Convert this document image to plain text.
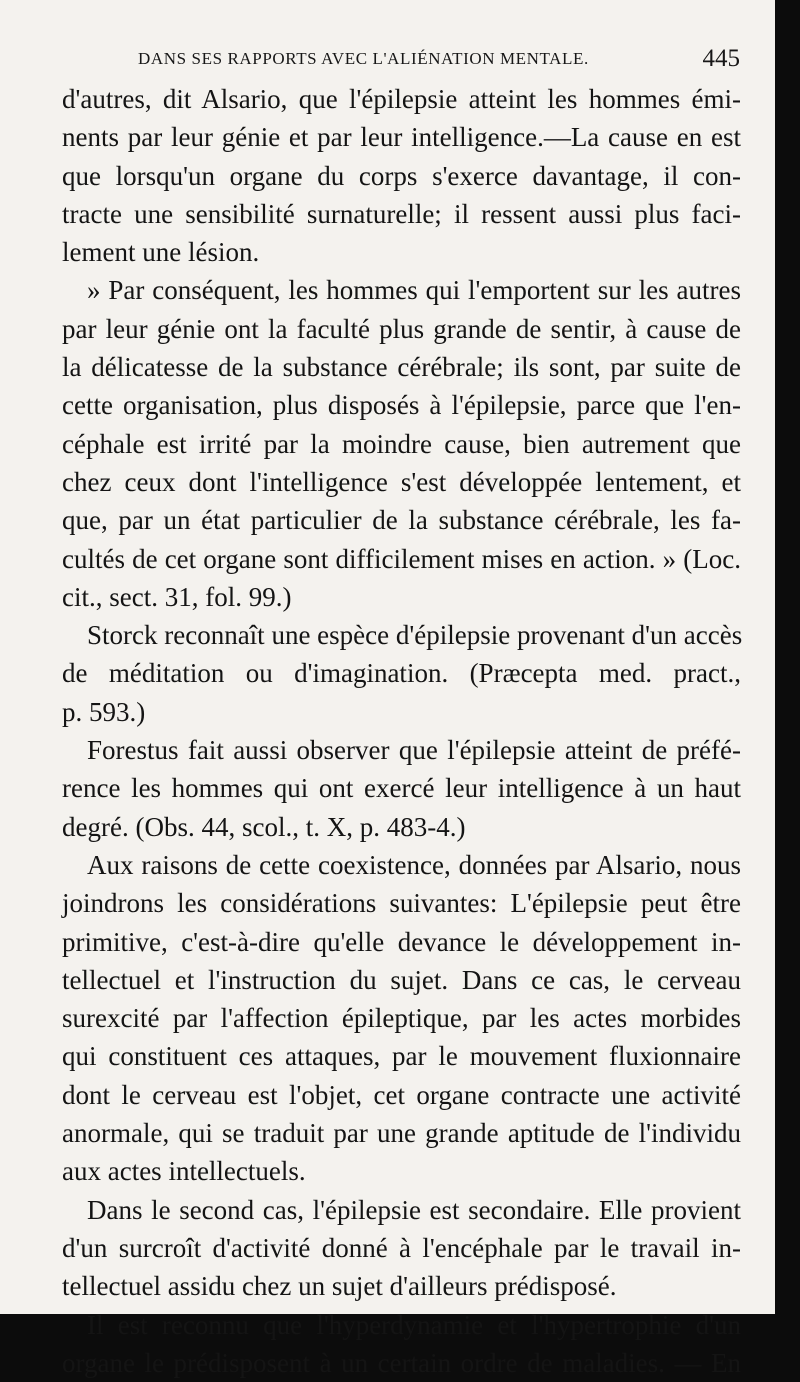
DANS SES RAPPORTS AVEC L'ALIÉNATION MENTALE.	445
d'autres, dit Alsario, que l'épilepsie atteint les hommes émi-
nents par leur génie et par leur intelligence.—La cause en est
que lorsqu'un organe du corps s'exerce davantage, il con-
tracte une sensibilité surnaturelle; il ressent aussi plus faci-
lement une lésion.
» Par conséquent, les hommes qui l'emportent sur les autres
par leur génie ont la faculté plus grande de sentir, à cause de
la délicatesse de la substance cérébrale; ils sont, par suite de
cette organisation, plus disposés à l'épilepsie, parce que l'en-
céphale est irrité par la moindre cause, bien autrement que
chez ceux dont l'intelligence s'est développée lentement, et
que, par un état particulier de la substance cérébrale, les fa-
cultés de cet organe sont difficilement mises en action. » (Loc.
cit., sect. 31, fol. 99.)
Storck reconnaît une espèce d'épilepsie provenant d'un accès
de méditation ou d'imagination. (Præcepta med. pract.,
p. 593.)
Forestus fait aussi observer que l'épilepsie atteint de préfé-
rence les hommes qui ont exercé leur intelligence à un haut
degré. (Obs. 44, scol., t. X, p. 483-4.)
Aux raisons de cette coexistence, données par Alsario, nous
joindrons les considérations suivantes: L'épilepsie peut être
primitive, c'est-à-dire qu'elle devance le développement in-
tellectuel et l'instruction du sujet. Dans ce cas, le cerveau
surexcité par l'affection épileptique, par les actes morbides
qui constituent ces attaques, par le mouvement fluxionnaire
dont le cerveau est l'objet, cet organe contracte une activité
anormale, qui se traduit par une grande aptitude de l'individu
aux actes intellectuels.
Dans le second cas, l'épilepsie est secondaire. Elle provient
d'un surcroît d'activité donné à l'encéphale par le travail in-
tellectuel assidu chez un sujet d'ailleurs prédisposé.
Il est reconnu que l'hyperdynamie et l'hypertrophie d'un
organe le prédisposent à un certain ordre de maladies. — En
